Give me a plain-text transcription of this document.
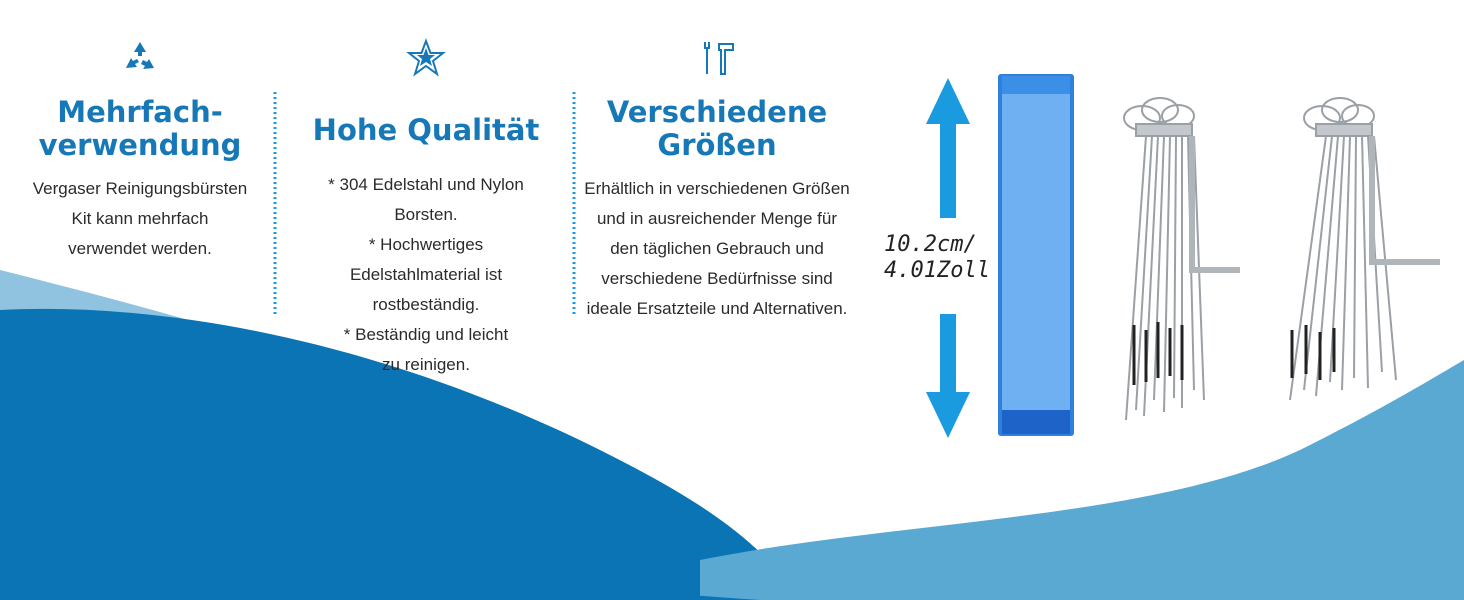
Mehrfach-
verwendung

Vergaser Reinigungsbürsten
Kit kann mehrfach
verwendet werden.

Hohe Qualität

* 304 Edelstahl und Nylon
Borsten.
* Hochwertiges
Edelstahlmaterial ist
rostbeständig.
* Beständig und leicht
zu reinigen.

Verschiedene
Größen

Erhältlich in verschiedenen Größen
und in ausreichender Menge für
den täglichen Gebrauch und
verschiedene Bedürfnisse sind
ideale Ersatzteile und Alternativen.

10.2cm/
4.01Zoll
